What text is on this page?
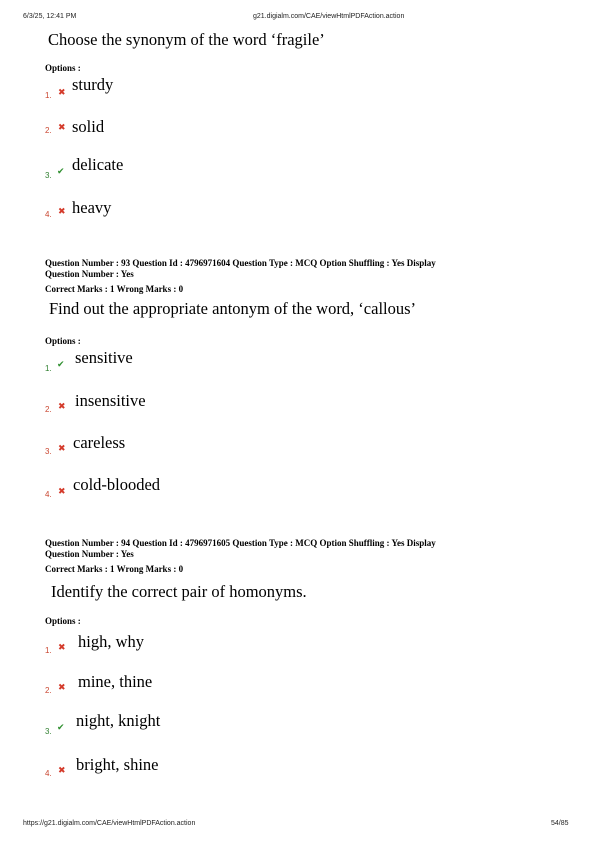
6/3/25, 12:41 PM	g21.digialm.com/CAE/viewHtmlPDFAction.action
Choose the synonym of the word ‘fragile’
Options :
1. ✖ sturdy
2. ✖ solid
3. ✔ delicate
4. ✖ heavy
Question Number : 93 Question Id : 4796971604 Question Type : MCQ Option Shuffling : Yes Display
Question Number : Yes
Correct Marks : 1 Wrong Marks : 0
Find out the appropriate antonym of the word, ‘callous’
Options :
1. ✔ sensitive
2. ✖ insensitive
3. ✖ careless
4. ✖ cold-blooded
Question Number : 94 Question Id : 4796971605 Question Type : MCQ Option Shuffling : Yes Display
Question Number : Yes
Correct Marks : 1 Wrong Marks : 0
Identify the correct pair of homonyms.
Options :
1. ✖ high, why
2. ✖ mine, thine
3. ✔ night, knight
4. ✖ bright, shine
https://g21.digialm.com/CAE/viewHtmlPDFAction.action	54/85
